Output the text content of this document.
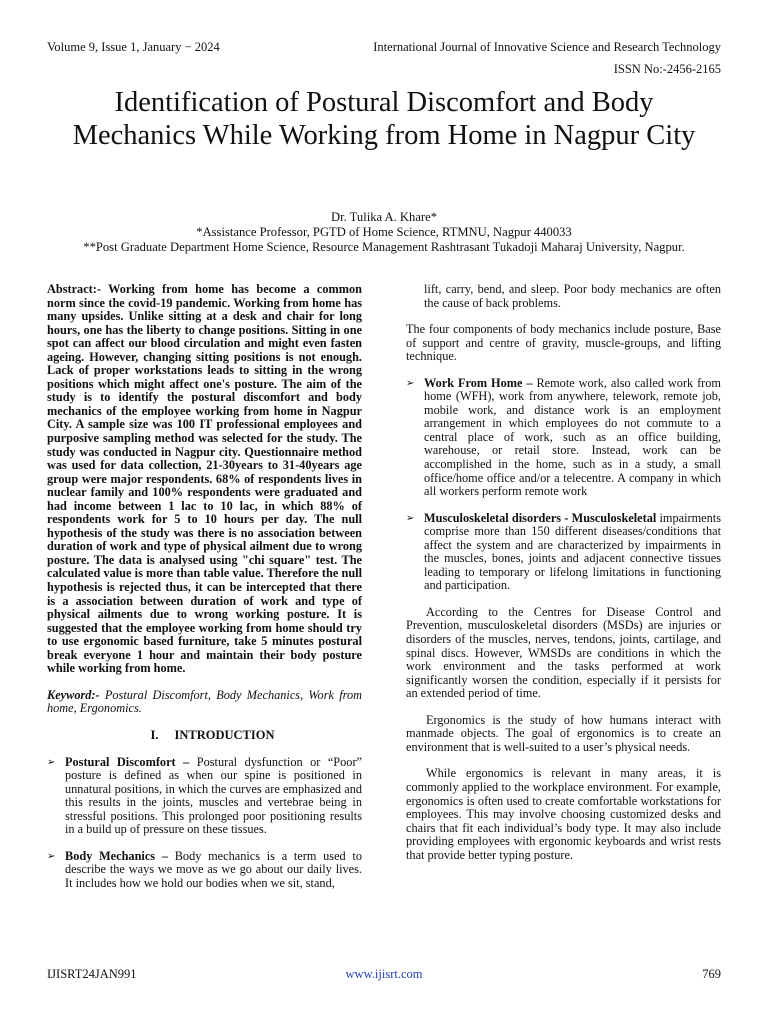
Volume 9, Issue 1, January − 2024	International Journal of Innovative Science and Research Technology
ISSN No:-2456-2165
Identification of Postural Discomfort and Body Mechanics While Working from Home in Nagpur City
Dr. Tulika A. Khare*
*Assistance Professor, PGTD of Home Science, RTMNU, Nagpur 440033
**Post Graduate Department Home Science, Resource Management Rashtrasant Tukadoji Maharaj University, Nagpur.

Abstract:- Working from home has become a common norm since the covid-19 pandemic. Working from home has many upsides. Unlike sitting at a desk and chair for long hours, one has the liberty to change positions. Sitting in one spot can affect our blood circulation and might even fasten ageing. However, changing sitting positions is not enough. Lack of proper workstations leads to sitting in the wrong positions which might affect one's posture. The aim of the study is to identify the postural discomfort and body mechanics of the employee working from home in Nagpur City. A sample size was 100 IT professional employees and purposive sampling method was selected for the study. The study was conducted in Nagpur city. Questionnaire method was used for data collection, 21-30years to 31-40years age group were major respondents. 68% of respondents lives in nuclear family and 100% respondents were graduated and had income between 1 lac to 10 lac, in which 88% of respondents work for 5 to 10 hours per day. The null hypothesis of the study was there is no association between duration of work and type of physical ailment due to wrong posture. The data is analysed using "chi square" test. The calculated value is more than table value. Therefore the null hypothesis is rejected thus, it can be intercepted that there is a association between duration of work and type of physical ailments due to wrong working posture. It is suggested that the employee working from home should try to use ergonomic based furniture, take 5 minutes postural break everyone 1 hour and maintain their body posture while working from home.

Keyword:- Postural Discomfort, Body Mechanics, Work from home, Ergonomics.

I. INTRODUCTION

➢ Postural Discomfort – Postural dysfunction or “Poor” posture is defined as when our spine is positioned in unnatural positions, in which the curves are emphasized and this results in the joints, muscles and vertebrae being in stressful positions. This prolonged poor positioning results in a build up of pressure on these tissues.

➢ Body Mechanics – Body mechanics is a term used to describe the ways we move as we go about our daily lives. It includes how we hold our bodies when we sit, stand,

lift, carry, bend, and sleep. Poor body mechanics are often the cause of back problems.

The four components of body mechanics include posture, Base of support and centre of gravity, muscle-groups, and lifting technique.

➢ Work From Home – Remote work, also called work from home (WFH), work from anywhere, telework, remote job, mobile work, and distance work is an employment arrangement in which employees do not commute to a central place of work, such as an office building, warehouse, or retail store. Instead, work can be accomplished in the home, such as in a study, a small office/home office and/or a telecentre. A company in which all workers perform remote work

➢ Musculoskeletal disorders - Musculoskeletal impairments comprise more than 150 different diseases/conditions that affect the system and are characterized by impairments in the muscles, bones, joints and adjacent connective tissues leading to temporary or lifelong limitations in functioning and participation.

According to the Centres for Disease Control and Prevention, musculoskeletal disorders (MSDs) are injuries or disorders of the muscles, nerves, tendons, joints, cartilage, and spinal discs. However, WMSDs are conditions in which the work environment and the tasks performed at work significantly worsen the condition, especially if it persists for an extended period of time.

Ergonomics is the study of how humans interact with manmade objects. The goal of ergonomics is to create an environment that is well-suited to a user’s physical needs.

While ergonomics is relevant in many areas, it is commonly applied to the workplace environment. For example, ergonomics is often used to create comfortable workstations for employees. This may involve choosing customized desks and chairs that fit each individual’s body type. It may also include providing employees with ergonomic keyboards and wrist rests that provide better typing posture.

IJISRT24JAN991	www.ijisrt.com	769
